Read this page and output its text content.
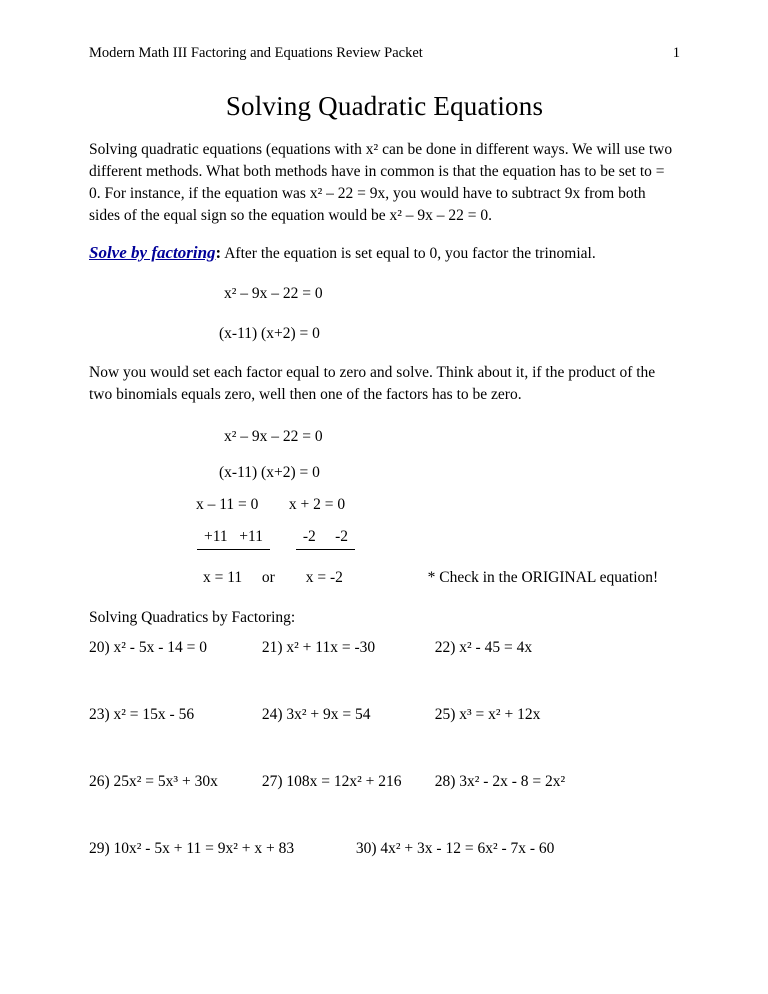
Modern Math III Factoring and Equations Review Packet	1
Solving Quadratic Equations

Solving quadratic equations (equations with x² can be done in different ways. We will use two different methods. What both methods have in common is that the equation has to be set to = 0. For instance, if the equation was x² – 22 = 9x, you would have to subtract 9x from both sides of the equal sign so the equation would be x² – 9x – 22 = 0.

Solve by factoring: After the equation is set equal to 0, you factor the trinomial.

x² – 9x – 22 = 0
(x-11) (x+2) = 0

Now you would set each factor equal to zero and solve. Think about it, if the product of the two binomials equals zero, well then one of the factors has to be zero.

x² – 9x – 22 = 0
(x-11) (x+2) = 0
x – 11 = 0 x + 2 = 0
+11   +11	-2     -2
x = 11 or x = -2	* Check in the ORIGINAL equation!

Solving Quadratics by Factoring:

20) x² - 5x - 14 = 0	21) x² + 11x = -30	22) x² - 45 = 4x
23) x² = 15x - 56	24) 3x² + 9x = 54	25) x³ = x² + 12x
26) 25x² = 5x³ + 30x	27) 108x = 12x² + 216 28) 3x² - 2x - 8 = 2x²
29) 10x² - 5x + 11 = 9x² + x + 83	30) 4x² + 3x - 12 = 6x² - 7x - 60
